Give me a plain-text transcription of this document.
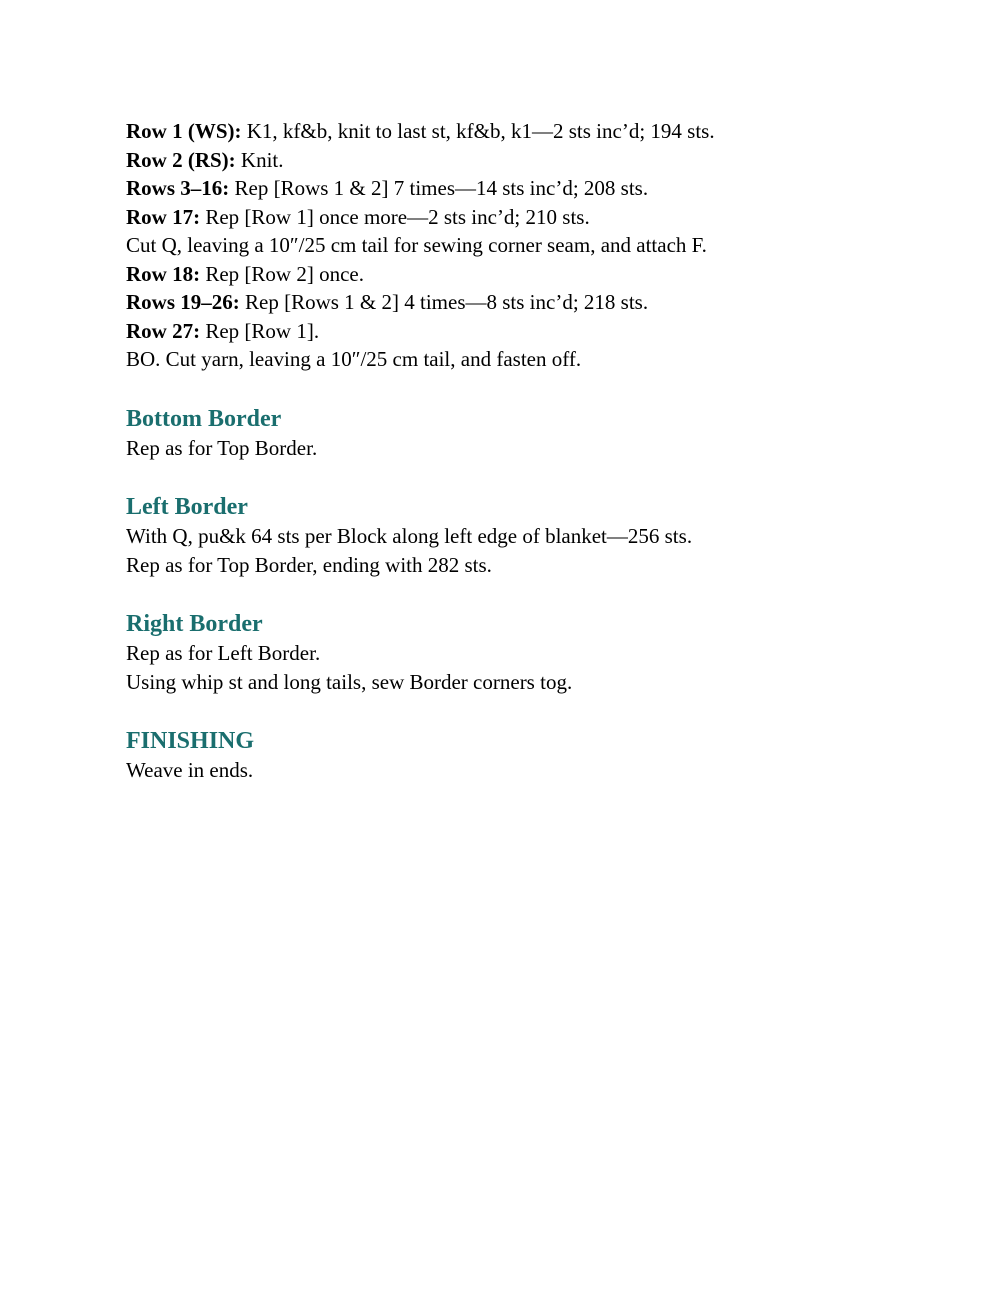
Row 1 (WS): K1, kf&b, knit to last st, kf&b, k1—2 sts inc’d; 194 sts.
Row 2 (RS): Knit.
Rows 3–16: Rep [Rows 1 & 2] 7 times—14 sts inc’d; 208 sts.
Row 17: Rep [Row 1] once more—2 sts inc’d; 210 sts.
Cut Q, leaving a 10″/25 cm tail for sewing corner seam, and attach F.
Row 18: Rep [Row 2] once.
Rows 19–26: Rep [Rows 1 & 2] 4 times—8 sts inc’d; 218 sts.
Row 27: Rep [Row 1].
BO. Cut yarn, leaving a 10″/25 cm tail, and fasten off.
Bottom Border
Rep as for Top Border.
Left Border
With Q, pu&k 64 sts per Block along left edge of blanket—256 sts.
Rep as for Top Border, ending with 282 sts.
Right Border
Rep as for Left Border.
Using whip st and long tails, sew Border corners tog.
FINISHING
Weave in ends.
